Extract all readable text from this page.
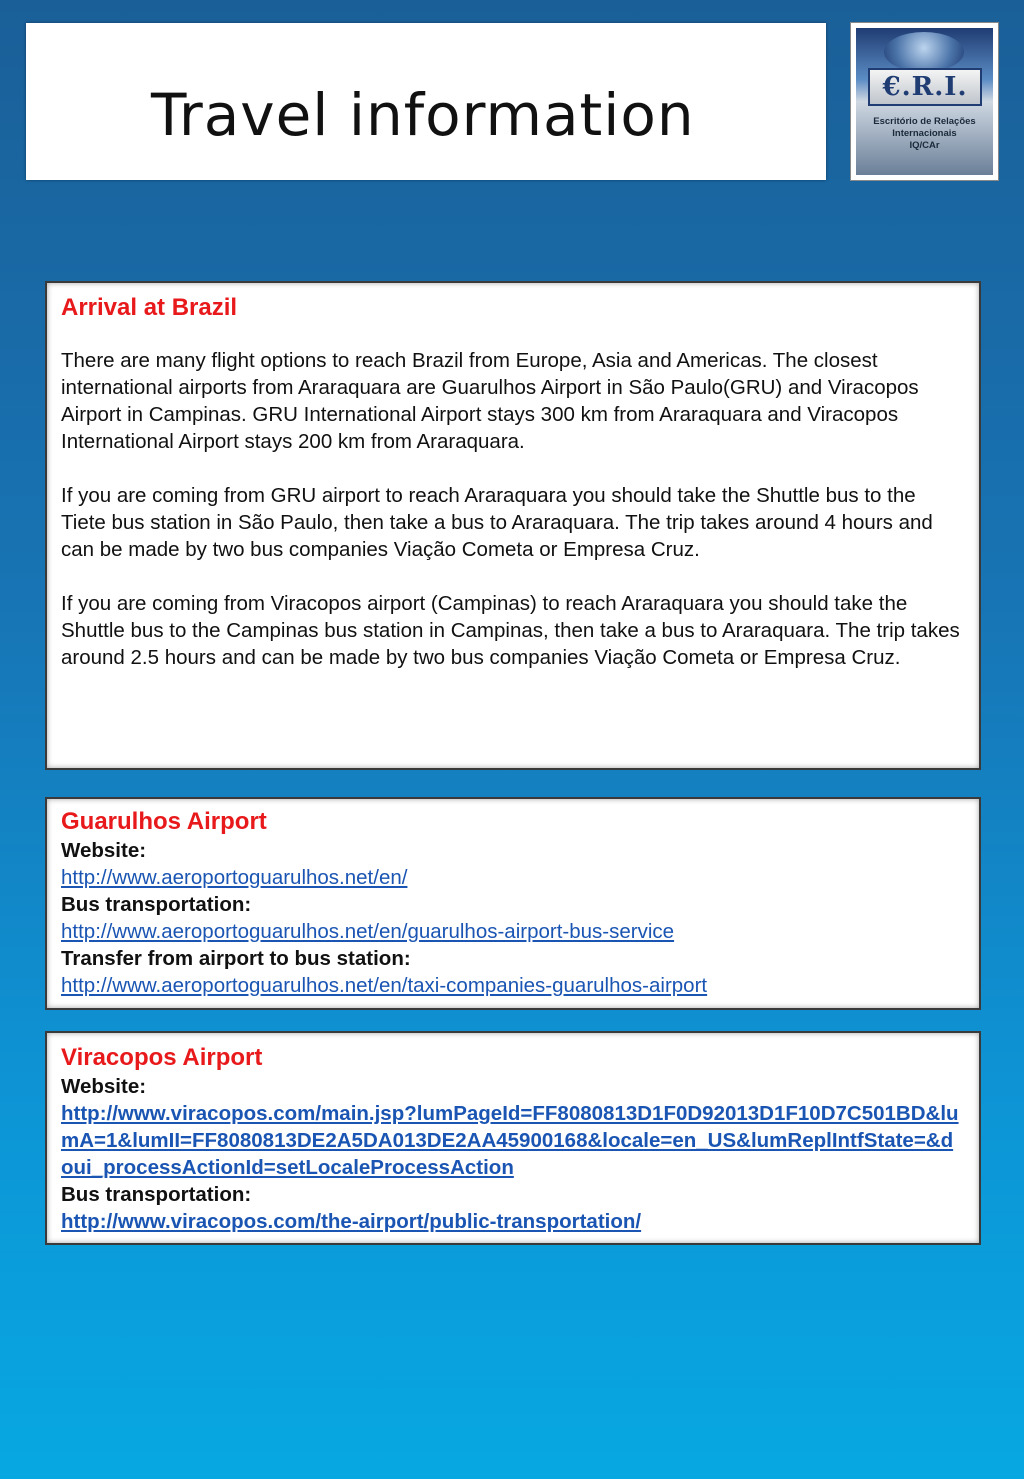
Travel information	€.R.I.
Escritório de Relações
Internacionais
IQ/CAr
Arrival at Brazil

There are many flight options to reach Brazil from Europe, Asia and Americas. The closest international airports from Araraquara are Guarulhos Airport in São Paulo(GRU) and Viracopos Airport in Campinas. GRU International Airport stays 300 km from Araraquara and Viracopos International Airport stays 200 km from Araraquara.

If you are coming from GRU airport to reach Araraquara you should take the Shuttle bus to the Tiete bus station in São Paulo, then take a bus to Araraquara. The trip takes around 4 hours and can be made by two bus companies Viação Cometa or Empresa Cruz.

If you are coming from Viracopos airport (Campinas) to reach Araraquara you should take the Shuttle bus to the Campinas bus station in Campinas, then take a bus to Araraquara. The trip takes around 2.5 hours and can be made by two bus companies Viação Cometa or Empresa Cruz.

Guarulhos Airport
Website:
http://www.aeroportoguarulhos.net/en/
Bus transportation:
http://www.aeroportoguarulhos.net/en/guarulhos-airport-bus-service
Transfer from airport to bus station:
http://www.aeroportoguarulhos.net/en/taxi-companies-guarulhos-airport
Viracopos Airport
Website:
http://www.viracopos.com/main.jsp?lumPageId=FF8080813D1F0D92013D1F10D7C501BD&lumA=1&lumII=FF8080813DE2A5DA013DE2AA45900168&locale=en_US&lumReplIntfState=&doui_processActionId=setLocaleProcessAction
Bus transportation:
http://www.viracopos.com/the-airport/public-transportation/
